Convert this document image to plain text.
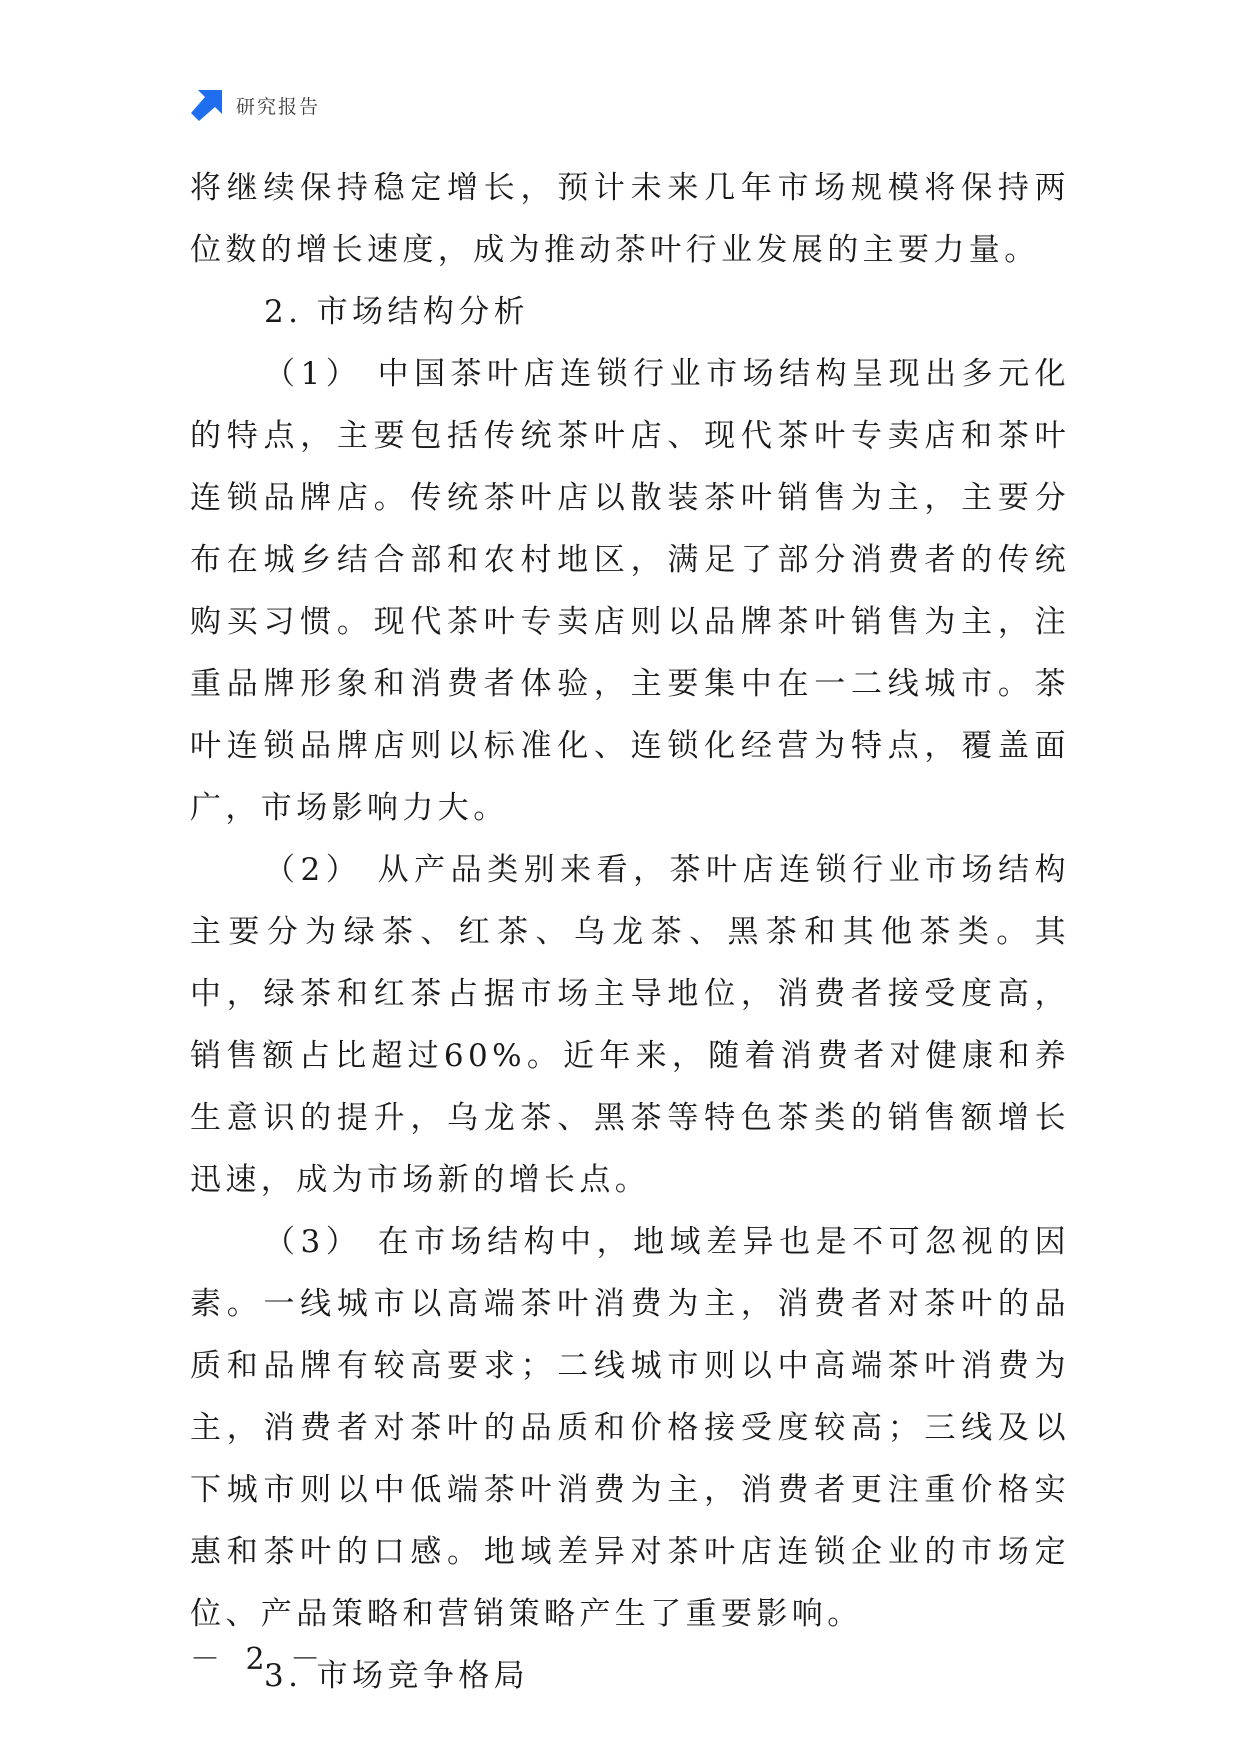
研究报告

将继续保持稳定增长，预计未来几年市场规模将保持两位数的增长速度，成为推动茶叶行业发展的主要力量。

2. 市场结构分析

（1） 中国茶叶店连锁行业市场结构呈现出多元化的特点，主要包括传统茶叶店、现代茶叶专卖店和茶叶连锁品牌店。传统茶叶店以散装茶叶销售为主，主要分布在城乡结合部和农村地区，满足了部分消费者的传统购买习惯。现代茶叶专卖店则以品牌茶叶销售为主，注重品牌形象和消费者体验，主要集中在一二线城市。茶叶连锁品牌店则以标准化、连锁化经营为特点，覆盖面广，市场影响力大。

（2） 从产品类别来看，茶叶店连锁行业市场结构主要分为绿茶、红茶、乌龙茶、黑茶和其他茶类。其中，绿茶和红茶占据市场主导地位，消费者接受度高，销售额占比超过60%。近年来，随着消费者对健康和养生意识的提升，乌龙茶、黑茶等特色茶类的销售额增长迅速，成为市场新的增长点。

（3） 在市场结构中，地域差异也是不可忽视的因素。一线城市以高端茶叶消费为主，消费者对茶叶的品质和品牌有较高要求；二线城市则以中高端茶叶消费为主，消费者对茶叶的品质和价格接受度较高；三线及以下城市则以中低端茶叶消费为主，消费者更注重价格实惠和茶叶的口感。地域差异对茶叶店连锁企业的市场定位、产品策略和营销策略产生了重要影响。

3. 市场竞争格局

－ 2 －
